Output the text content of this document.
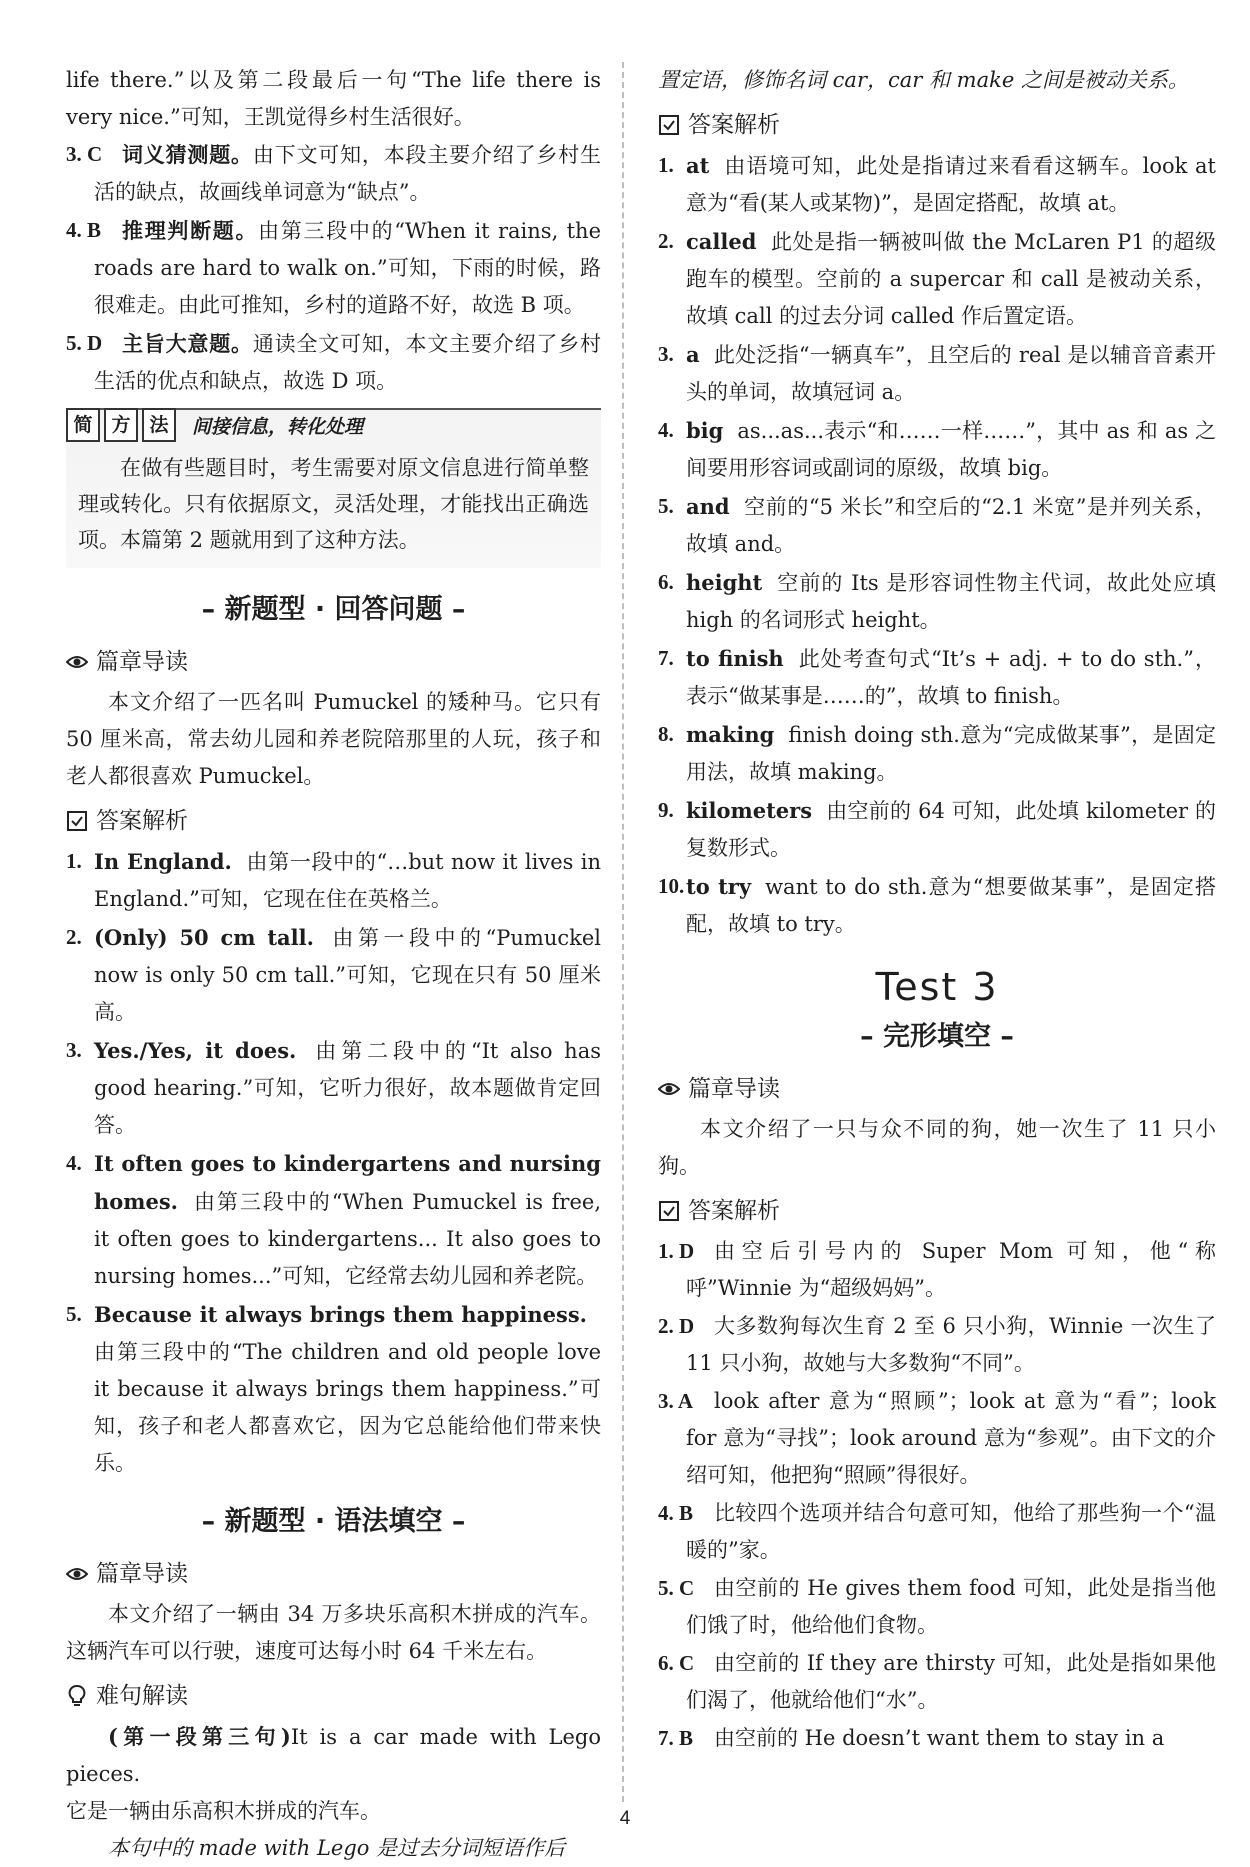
life there.”以及第二段最后一句“The life there is very nice.”可知，王凯觉得乡村生活很好。

3. C 词义猜测题。由下文可知，本段主要介绍了乡村生活的缺点，故画线单词意为“缺点”。
4. B 推理判断题。由第三段中的“When it rains, the roads are hard to walk on.”可知，下雨的时候，路很难走。由此可推知，乡村的道路不好，故选 B 项。
5. D 主旨大意题。通读全文可知，本文主要介绍了乡村生活的优点和缺点，故选 D 项。
简 方 法	间接信息，转化处理
在做有些题目时，考生需要对原文信息进行简单整理或转化。只有依据原文，灵活处理，才能找出正确选项。本篇第 2 题就用到了这种方法。
– 新题型 · 回答问题 –
篇章导读

本文介绍了一匹名叫 Pumuckel 的矮种马。它只有 50 厘米高，常去幼儿园和养老院陪那里的人玩，孩子和老人都很喜欢 Pumuckel。

答案解析
1. In England. 由第一段中的“…but now it lives in England.”可知，它现在住在英格兰。
2. (Only) 50 cm tall. 由第一段中的“Pumuckel now is only 50 cm tall.”可知，它现在只有 50 厘米高。
3. Yes./Yes, it does. 由第二段中的“It also has good hearing.”可知，它听力很好，故本题做肯定回答。
4. It often goes to kindergartens and nursing homes. 由第三段中的“When Pumuckel is free, it often goes to kindergartens... It also goes to nursing homes...”可知，它经常去幼儿园和养老院。
5. Because it always brings them happiness.由第三段中的“The children and old people love it because it always brings them happiness.”可知，孩子和老人都喜欢它，因为它总能给他们带来快乐。
– 新题型 · 语法填空 –
篇章导读

本文介绍了一辆由 34 万多块乐高积木拼成的汽车。这辆汽车可以行驶，速度可达每小时 64 千米左右。

难句解读

(第一段第三句)It is a car made with Lego pieces.

它是一辆由乐高积木拼成的汽车。

本句中的 made with Lego 是过去分词短语作后

置定语，修饰名词 car，car 和 make 之间是被动关系。

答案解析
1. at 由语境可知，此处是指请过来看看这辆车。look at 意为“看(某人或某物)”，是固定搭配，故填 at。
2. called 此处是指一辆被叫做 the McLaren P1 的超级跑车的模型。空前的 a supercar 和 call 是被动关系，故填 call 的过去分词 called 作后置定语。
3. a 此处泛指“一辆真车”，且空后的 real 是以辅音音素开头的单词，故填冠词 a。
4. big as...as...表示“和……一样……”，其中 as 和 as 之间要用形容词或副词的原级，故填 big。
5. and 空前的“5 米长”和空后的“2.1 米宽”是并列关系，故填 and。
6. height 空前的 Its 是形容词性物主代词，故此处应填 high 的名词形式 height。
7. to finish 此处考查句式“It’s + adj. + to do sth.”，表示“做某事是……的”，故填 to finish。
8. making finish doing sth.意为“完成做某事”，是固定用法，故填 making。
9. kilometers 由空前的 64 可知，此处填 kilometer 的复数形式。
10. to try want to do sth.意为“想要做某事”，是固定搭配，故填 to try。
Test 3
– 完形填空 –
篇章导读

本文介绍了一只与众不同的狗，她一次生了 11 只小狗。

答案解析
1. D 由空后引号内的 Super Mom 可知，他“称呼”Winnie 为“超级妈妈”。
2. D 大多数狗每次生育 2 至 6 只小狗，Winnie 一次生了 11 只小狗，故她与大多数狗“不同”。
3. A look after 意为“照顾”；look at 意为“看”；look for 意为“寻找”；look around 意为“参观”。由下文的介绍可知，他把狗“照顾”得很好。
4. B 比较四个选项并结合句意可知，他给了那些狗一个“温暖的”家。
5. C 由空前的 He gives them food 可知，此处是指当他们饿了时，他给他们食物。
6. C 由空前的 If they are thirsty 可知，此处是指如果他们渴了，他就给他们“水”。
7. B 由空前的 He doesn’t want them to stay in a
4
